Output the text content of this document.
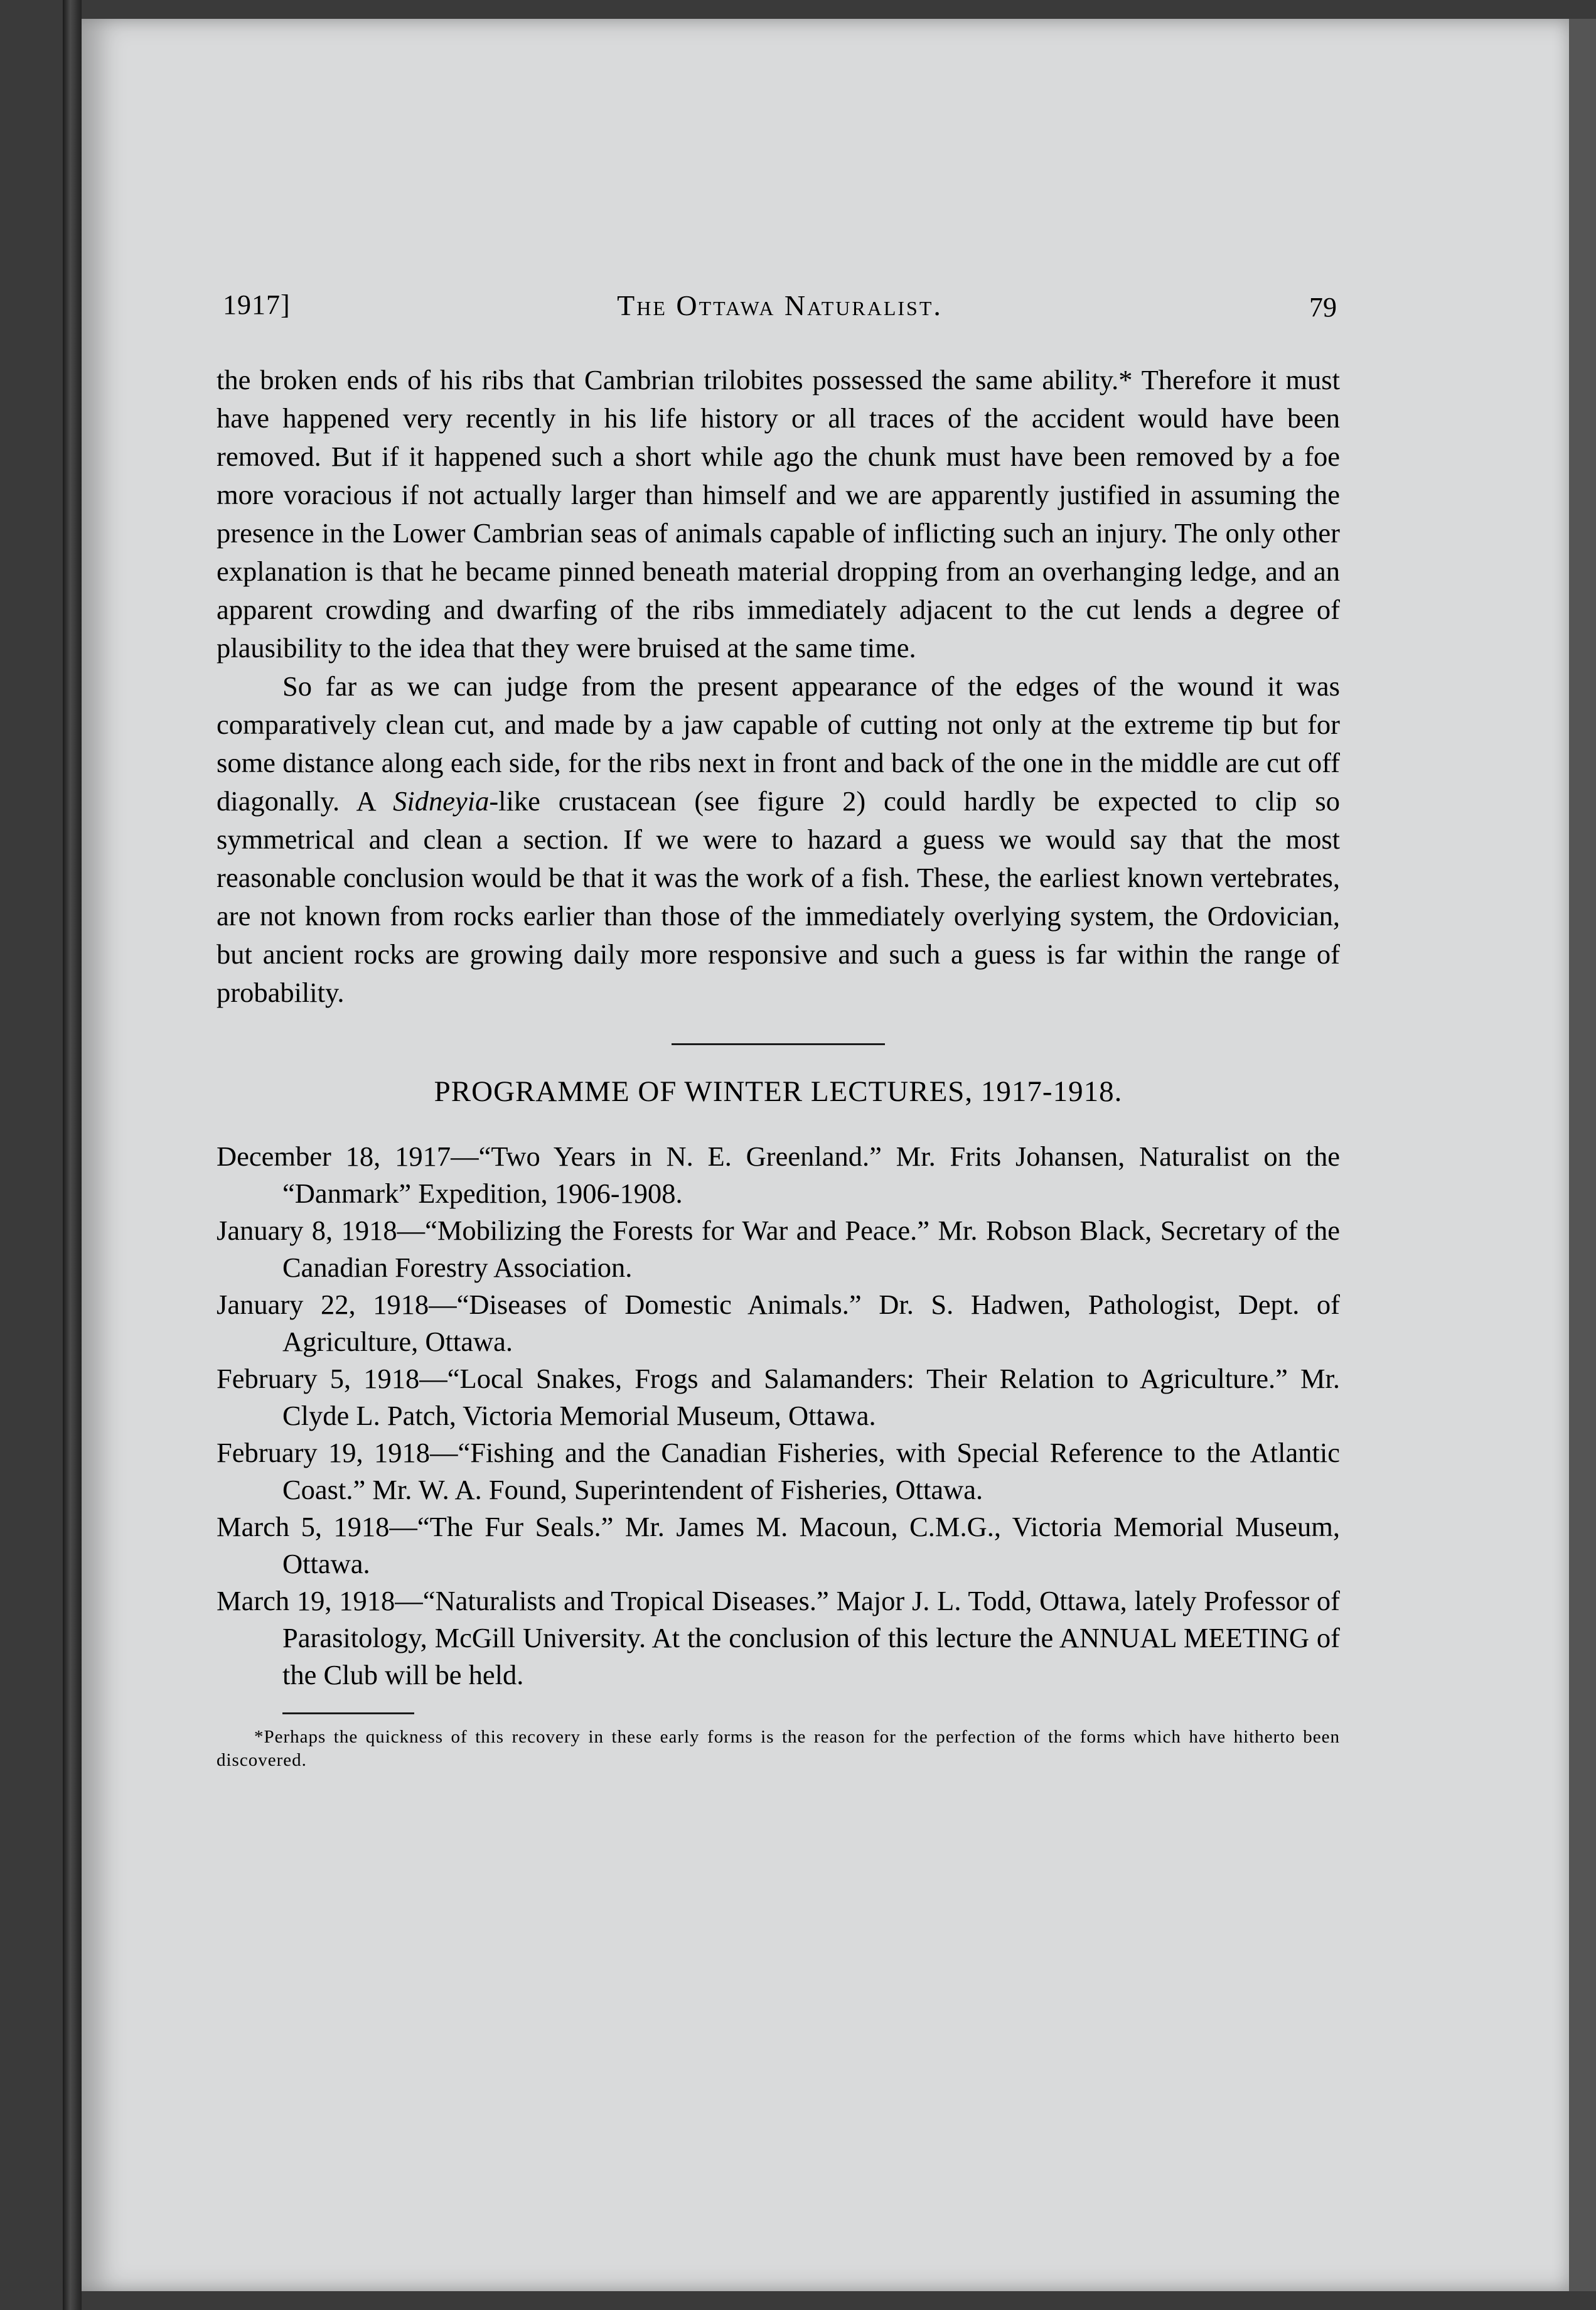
1917]	The Ottawa Naturalist.	79

the broken ends of his ribs that Cambrian trilobites possessed the same ability.* Therefore it must have happened very recently in his life history or all traces of the accident would have been removed. But if it happened such a short while ago the chunk must have been removed by a foe more voracious if not actually larger than himself and we are apparently justified in assuming the presence in the Lower Cambrian seas of animals capable of inflicting such an injury. The only other explanation is that he became pinned beneath material dropping from an overhanging ledge, and an apparent crowding and dwarfing of the ribs immediately adjacent to the cut lends a degree of plausibility to the idea that they were bruised at the same time.

So far as we can judge from the present appearance of the edges of the wound it was comparatively clean cut, and made by a jaw capable of cutting not only at the extreme tip but for some distance along each side, for the ribs next in front and back of the one in the middle are cut off diagonally. A Sidneyia-like crustacean (see figure 2) could hardly be expected to clip so symmetrical and clean a section. If we were to hazard a guess we would say that the most reasonable conclusion would be that it was the work of a fish. These, the earliest known vertebrates, are not known from rocks earlier than those of the immediately overlying system, the Ordovician, but ancient rocks are growing daily more responsive and such a guess is far within the range of probability.

PROGRAMME OF WINTER LECTURES, 1917-1918.

December 18, 1917—“Two Years in N. E. Greenland.” Mr. Frits Johansen, Naturalist on the “Danmark” Expedition, 1906-1908.

January 8, 1918—“Mobilizing the Forests for War and Peace.” Mr. Robson Black, Secretary of the Canadian Forestry Association.

January 22, 1918—“Diseases of Domestic Animals.” Dr. S. Hadwen, Pathologist, Dept. of Agriculture, Ottawa.

February 5, 1918—“Local Snakes, Frogs and Salamanders: Their Relation to Agriculture.” Mr. Clyde L. Patch, Victoria Memorial Museum, Ottawa.

February 19, 1918—“Fishing and the Canadian Fisheries, with Special Reference to the Atlantic Coast.” Mr. W. A. Found, Superintendent of Fisheries, Ottawa.

March 5, 1918—“The Fur Seals.” Mr. James M. Macoun, C.M.G., Victoria Memorial Museum, Ottawa.

March 19, 1918—“Naturalists and Tropical Diseases.” Major J. L. Todd, Ottawa, lately Professor of Parasitology, McGill University. At the conclusion of this lecture the ANNUAL MEETING of the Club will be held.

*Perhaps the quickness of this recovery in these early forms is the reason for the perfection of the forms which have hitherto been discovered.
